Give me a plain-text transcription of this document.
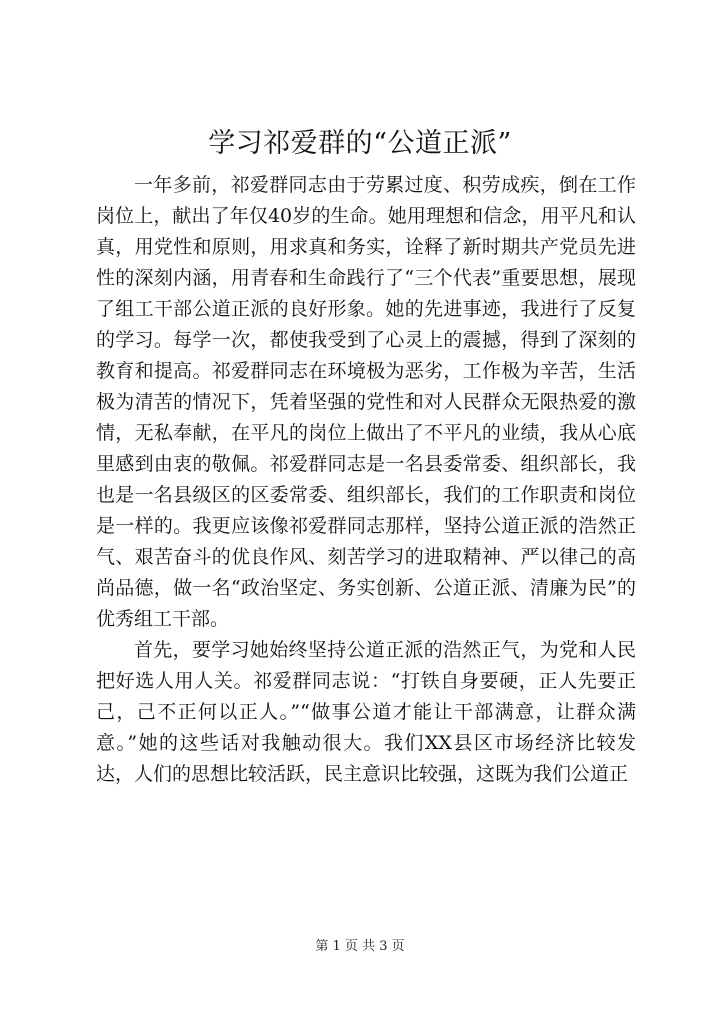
学习祁爱群的“公道正派”

一年多前，祁爱群同志由于劳累过度、积劳成疾，倒在工作岗位上，献出了年仅40岁的生命。她用理想和信念，用平凡和认真，用党性和原则，用求真和务实，诠释了新时期共产党员先进性的深刻内涵，用青春和生命践行了“三个代表”重要思想，展现了组工干部公道正派的良好形象。她的先进事迹，我进行了反复的学习。每学一次，都使我受到了心灵上的震撼，得到了深刻的教育和提高。祁爱群同志在环境极为恶劣，工作极为辛苦，生活极为清苦的情况下，凭着坚强的党性和对人民群众无限热爱的激情，无私奉献，在平凡的岗位上做出了不平凡的业绩，我从心底里感到由衷的敬佩。祁爱群同志是一名县委常委、组织部长，我也是一名县级区的区委常委、组织部长，我们的工作职责和岗位是一样的。我更应该像祁爱群同志那样，坚持公道正派的浩然正气、艰苦奋斗的优良作风、刻苦学习的进取精神、严以律己的高尚品德，做一名“政治坚定、务实创新、公道正派、清廉为民”的优秀组工干部。

首先，要学习她始终坚持公道正派的浩然正气，为党和人民把好选人用人关。祁爱群同志说：“打铁自身要硬，正人先要正己，己不正何以正人。”“做事公道才能让干部满意，让群众满意。”她的这些话对我触动很大。我们XX县区市场经济比较发达，人们的思想比较活跃，民主意识比较强，这既为我们公道正

第 1 页 共 3 页
